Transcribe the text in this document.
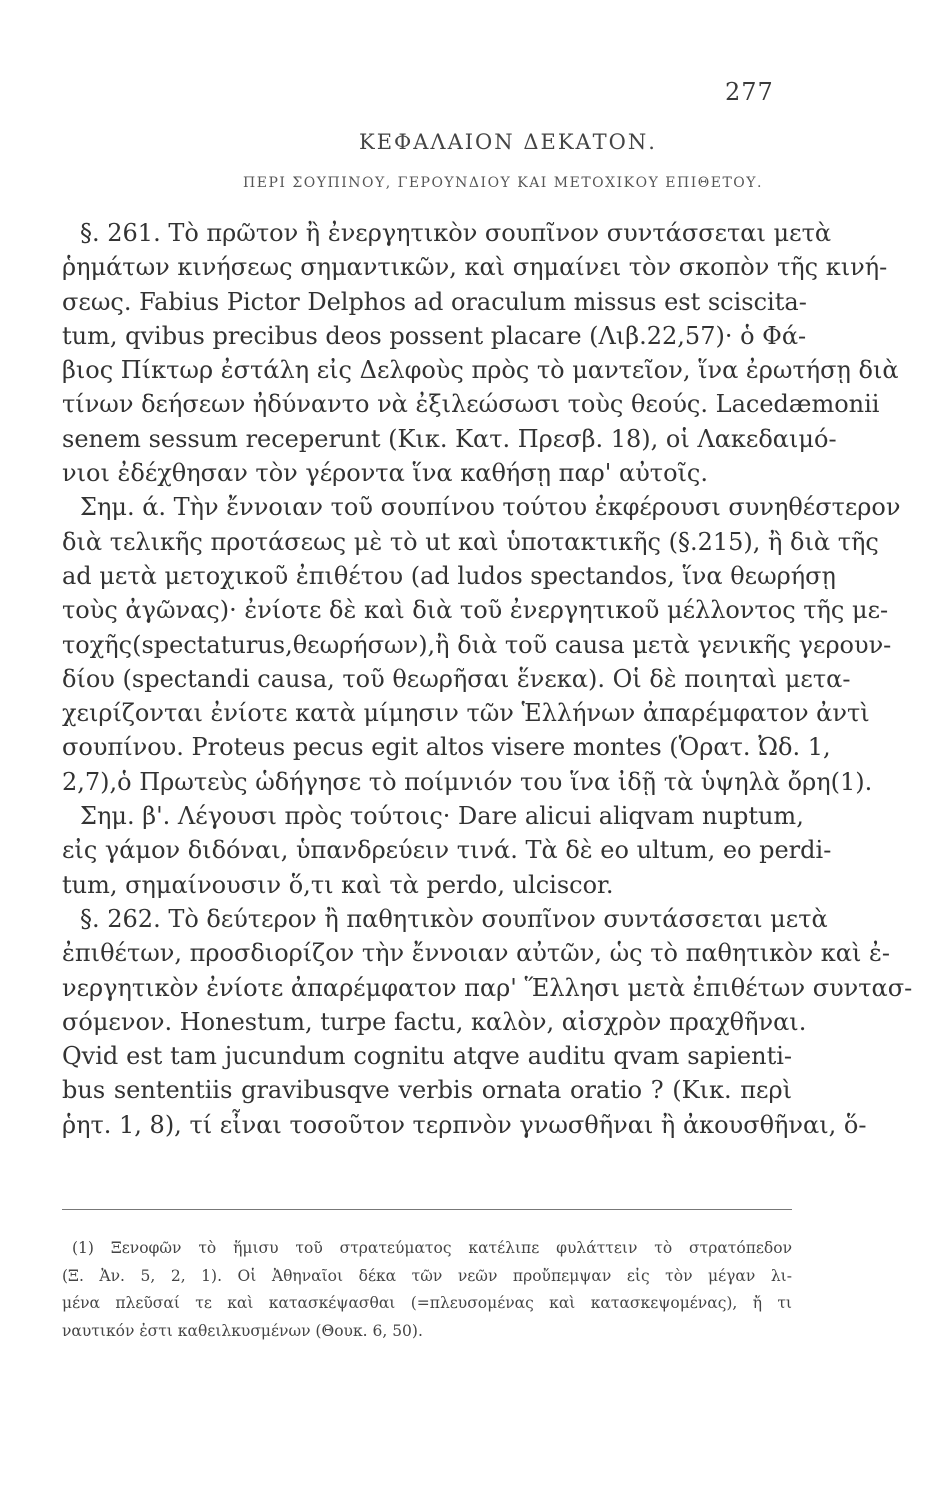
277
ΚΕΦΑΛΑΙΟΝ ΔΕΚΑΤΟΝ.
ΠΕΡΙ ΣΟΥΠΙΝΟΥ, ΓΕΡΟΥΝΔΙΟΥ ΚΑΙ ΜΕΤΟΧΙΚΟΥ ΕΠΙΘΕΤΟΥ.
§. 261. Τὸ πρῶτον ἢ ἐνεργητικὸν σουπῖνον συντάσσεται μετὰ
ῥημάτων κινήσεως σημαντικῶν, καὶ σημαίνει τὸν σκοπὸν τῆς κινή-
σεως. Fabius Pictor Delphos ad oraculum missus est sciscita-
tum, qvibus precibus deos possent placare (Λιβ.22,57)· ὁ Φά-
βιος Πίκτωρ ἐστάλη εἰς Δελφοὺς πρὸς τὸ μαντεῖον, ἵνα ἐρωτήσῃ διὰ
τίνων δεήσεων ἠδύναντο νὰ ἐξιλεώσωσι τοὺς θεούς. Lacedæmonii
senem sessum receperunt (Κικ. Κατ. Πρεσβ. 18), οἱ Λακεδαιμό-
νιοι ἐδέχθησαν τὸν γέροντα ἵνα καθήσῃ παρ' αὐτοῖς.
Σημ. ά. Τὴν ἔννοιαν τοῦ σουπίνου τούτου ἐκφέρουσι συνηθέστερον
διὰ τελικῆς προτάσεως μὲ τὸ ut καὶ ὑποτακτικῆς (§.215), ἢ διὰ τῆς
ad μετὰ μετοχικοῦ ἐπιθέτου (ad ludos spectandos, ἵνα θεωρήσῃ
τοὺς ἀγῶνας)· ἐνίοτε δὲ καὶ διὰ τοῦ ἐνεργητικοῦ μέλλοντος τῆς με-
τοχῆς(spectaturus,θεωρήσων),ἢ διὰ τοῦ causa μετὰ γενικῆς γερουν-
δίου (spectandi causa, τοῦ θεωρῆσαι ἕνεκα). Οἱ δὲ ποιηταὶ μετα-
χειρίζονται ἐνίοτε κατὰ μίμησιν τῶν Ἑλλήνων ἀπαρέμφατον ἀντὶ
σουπίνου. Proteus pecus egit altos visere montes (Ὁρατ. Ὠδ. 1,
2,7),ὁ Πρωτεὺς ὡδήγησε τὸ ποίμνιόν του ἵνα ἰδῇ τὰ ὑψηλὰ ὄρη(1).
Σημ. β'. Λέγουσι πρὸς τούτοις· Dare alicui aliqvam nuptum,
εἰς γάμον διδόναι, ὑπανδρεύειν τινά. Τὰ δὲ eo ultum, eo perdi-
tum, σημαίνουσιν ὅ,τι καὶ τὰ perdo, ulciscor.
§. 262. Τὸ δεύτερον ἢ παθητικὸν σουπῖνον συντάσσεται μετὰ
ἐπιθέτων, προσδιορίζον τὴν ἔννοιαν αὐτῶν, ὡς τὸ παθητικὸν καὶ ἐ-
νεργητικὸν ἐνίοτε ἀπαρέμφατον παρ' Ἕλλησι μετὰ ἐπιθέτων συντασ-
σόμενον. Honestum, turpe factu, καλὸν, αἰσχρὸν πραχθῆναι.
Qvid est tam jucundum cognitu atqve auditu qvam sapienti-
bus sententiis gravibusqve verbis ornata oratio ? (Κικ. περὶ
ῥητ. 1, 8), τί εἶναι τοσοῦτον τερπνὸν γνωσθῆναι ἢ ἀκουσθῆναι, ὅ-
(1) Ξενοφῶν τὸ ἥμισυ τοῦ στρατεύματος κατέλιπε φυλάττειν τὸ στρατόπεδον
(Ξ. Ἀν. 5, 2, 1). Οἱ Ἀθηναῖοι δέκα τῶν νεῶν προὔπεμψαν εἰς τὸν μέγαν λι-
μένα πλεῦσαί τε καὶ κατασκέψασθαι (=πλευσομένας καὶ κατασκεψομένας), ἤ τι
ναυτικόν ἐστι καθειλκυσμένων (Θουκ. 6, 50).
